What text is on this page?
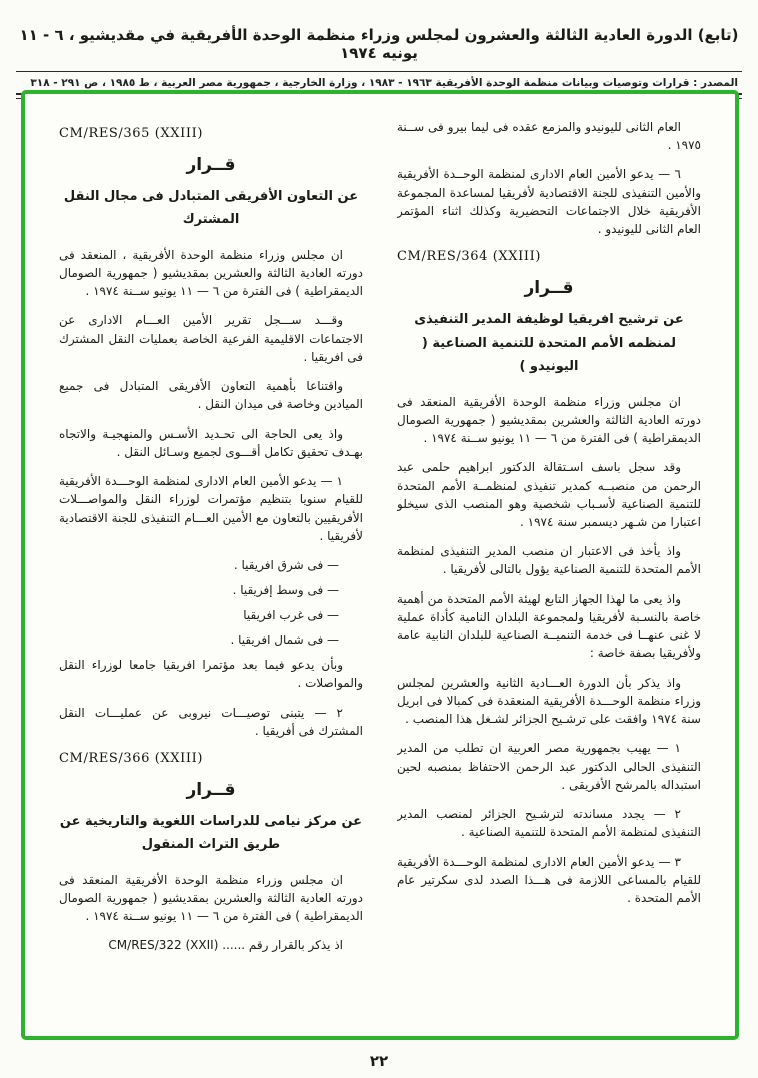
(تابع) الدورة العادية الثالثة والعشرون لمجلس وزراء منظمة الوحدة الأفريقية في مقديشيو ، ٦ - ١١ يونيه ١٩٧٤
المصدر : قرارات وتوصيات وبيانات منظمة الوحدة الأفريقية ١٩٦٣ - ١٩٨٣ ، وزارة الخارجية ، جمهورية مصر العربية ، ط ١٩٨٥ ، ص ٢٩١ - ٣١٨
العام الثانى لليونيدو والمزمع عقده فى ليما بيرو فى ســنة ١٩٧٥ .
٦ — يدعو الأمين العام الادارى لمنظمة الوحــدة الأفريقية والأمين التنفيذى للجنة الاقتصادية لأفريقيا لمساعدة المجموعة الأفريقية خلال الاجتماعات التحضيرية وكذلك اثناء المؤتمر العام الثانى لليونيدو .
CM/RES/364 (XXIII)
قــرار
عن ترشيح افريقيا لوظيفة المدير التنفيذى لمنظمه الأمم المتحدة للتنمية الصناعية ( اليونيدو )
ان مجلس وزراء منظمة الوحدة الأفريقية المنعقد فى دورته العادية الثالثة والعشرين بمقديشيو ( جمهورية الصومال الديمقراطية ) فى الفترة من ٦ — ١١ يونيو ســنة ١٩٧٤ .
وقد سجل باسف اسـتقالة الدكتور ابراهيم حلمى عبد الرحمن من منصبــه كمدير تنفيذى لمنظمــة الأمم المتحدة للتنمية الصناعية لأسـباب شخصية وهو المنصب الذى سيخلو اعتبارا من شـهر ديسمبر سنة ١٩٧٤ .
واذ يأخذ فى الاعتبار ان منصب المدير التنفيذى لمنظمة الأمم المتحدة للتنمية الصناعية يؤول بالتالى لأفريقيا .
واذ يعى ما لهذا الجهاز التابع لهيئة الأمم المتحدة من أهمية خاصة بالنسـبة لأفريقيا ولمجموعة البلدان النامية كأداة عملية لا غنى عنهــا فى خدمة التنميــة الصناعية للبلدان النابية عامة ولأفريقيا بصفة خاصة :
واذ يذكر بأن الدورة العـــادية الثانية والعشرين لمجلس وزراء منظمة الوحـــدة الأفريقية المنعقدة فى كمبالا فى ابريل سنة ١٩٧٤ وافقت على ترشـيح الجزائر لشـغل هذا المنصب .
١ — يهيب بجمهورية مصر العربية ان تطلب من المدير التنفيذى الحالى الدكتور عبد الرحمن الاحتفاظ بمنصبه لحين استبداله بالمرشح الأفريقى .
٢ — يجدد مساندته لترشـيح الجزائر لمنصب المدير التنفيذى لمنظمة الأمم المتحدة للتنمية الصناعية .
٣ — يدعو الأمين العام الادارى لمنظمة الوحـــدة الأفريقية للقيام بالمساعى اللازمة فى هـــذا الصدد لدى سكرتير عام الأمم المتحدة .
CM/RES/365 (XXIII)
قــرار
عن التعاون الأفريقى المتبادل فى مجال النقل المشترك
ان مجلس وزراء منظمة الوحدة الأفريقية ، المنعقد فى دورته العادية الثالثة والعشرين بمقديشيو ( جمهورية الصومال الديمقراطية ) فى الفترة من ٦ — ١١ يونيو ســنة ١٩٧٤ .
وقـــد ســـجل تقرير الأمين العـــام الادارى عن الاجتماعات الاقليمية الفرعية الخاصة بعمليات النقل المشترك فى افريقيا .
واقتناعا بأهمية التعاون الأفريقى المتبادل فى جميع الميادين وخاصة فى ميدان النقل .
واذ يعى الحاجة الى تحـديد الأسـس والمنهجيـة والاتجاه بهـدف تحقيق تكامل أقـــوى لجميع وسـائل النقل .
١ — يدعو الأمين العام الادارى لمنظمة الوحـــدة الأفريقية للقيام سنويا بتنظيم مؤتمرات لوزراء النقل والمواصـــلات الأفريقيين بالتعاون مع الأمين العـــام التنفيذى للجنة الاقتصادية لأفريقيا .
— فى شرق افريقيا .
— فى وسط إفريقيا .
— فى غرب افريقيا
— فى شمال افريقيا .
وبأن يدعو فيما بعد مؤتمرا افريقيا جامعا لوزراء النقل والمواصلات .
٢ — يتبنى توصيـــات نيروبى عن عمليـــات النقل المشترك فى أفريقيا .
CM/RES/366 (XXIII)
قــرار
عن مركز نيامى للدراسات اللغوية والتاريخية عن طريق التراث المنقول
ان مجلس وزراء منظمة الوحدة الأفريقية المنعقد فى دورته العادية الثالثة والعشرين بمقديشيو ( جمهورية الصومال الديمقراطية ) فى الفترة من ٦ — ١١ يونيو ســنة ١٩٧٤ .
اذ يذكر بالقرار رقم ...... CM/RES/322 (XXII)
٢٢
